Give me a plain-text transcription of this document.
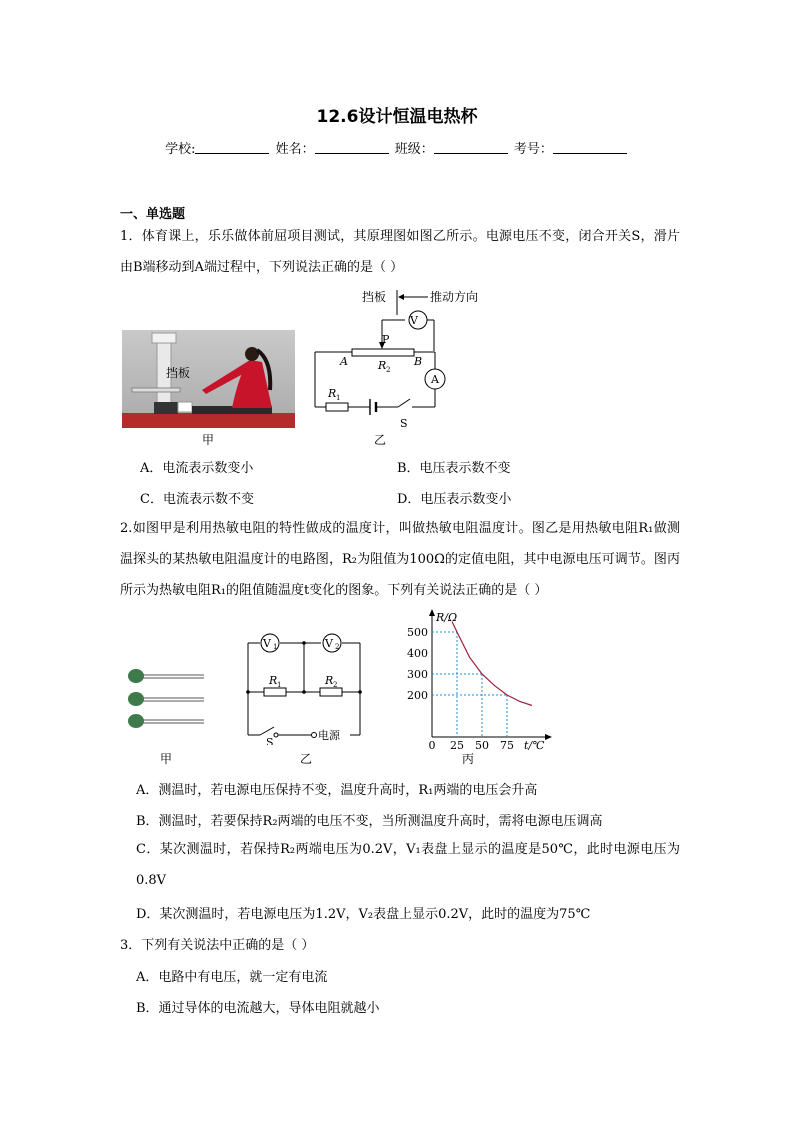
12.6设计恒温电热杯
学校:	姓名：	班级：	考号：
一、单选题
1．体育课上，乐乐做体前屈项目测试，其原理图如图乙所示。电源电压不变，闭合开关S，滑片由B端移动到A端过程中，下列说法正确的是（ ）
挡板
甲
挡板	推动方向
V
P
A	B
R 2
A
R 1
S
乙
A．电流表示数变小	B．电压表示数不变
C．电流表示数不变	D．电压表示数变小
2.如图甲是利用热敏电阻的特性做成的温度计，叫做热敏电阻温度计。图乙是用热敏电阻R₁做测温探头的某热敏电阻温度计的电路图，R₂为阻值为100Ω的定值电阻，其中电源电压可调节。图丙所示为热敏电阻R₁的阻值随温度t变化的图象。下列有关说法正确的是（ ）
甲
V 1	V 2
R 1	R 2
S
电源
乙
R/Ω
t/℃
0 25 50 75
200
300
400
500
丙
A．测温时，若电源电压保持不变，温度升高时，R₁两端的电压会升高
B．测温时，若要保持R₂两端的电压不变，当所测温度升高时，需将电源电压调高
C．某次测温时，若保持R₂两端电压为0.2V，V₁表盘上显示的温度是50℃，此时电源电压为0.8V
D．某次测温时，若电源电压为1.2V，V₂表盘上显示0.2V，此时的温度为75℃
3．下列有关说法中正确的是（ ）
A．电路中有电压，就一定有电流
B．通过导体的电流越大，导体电阻就越小
